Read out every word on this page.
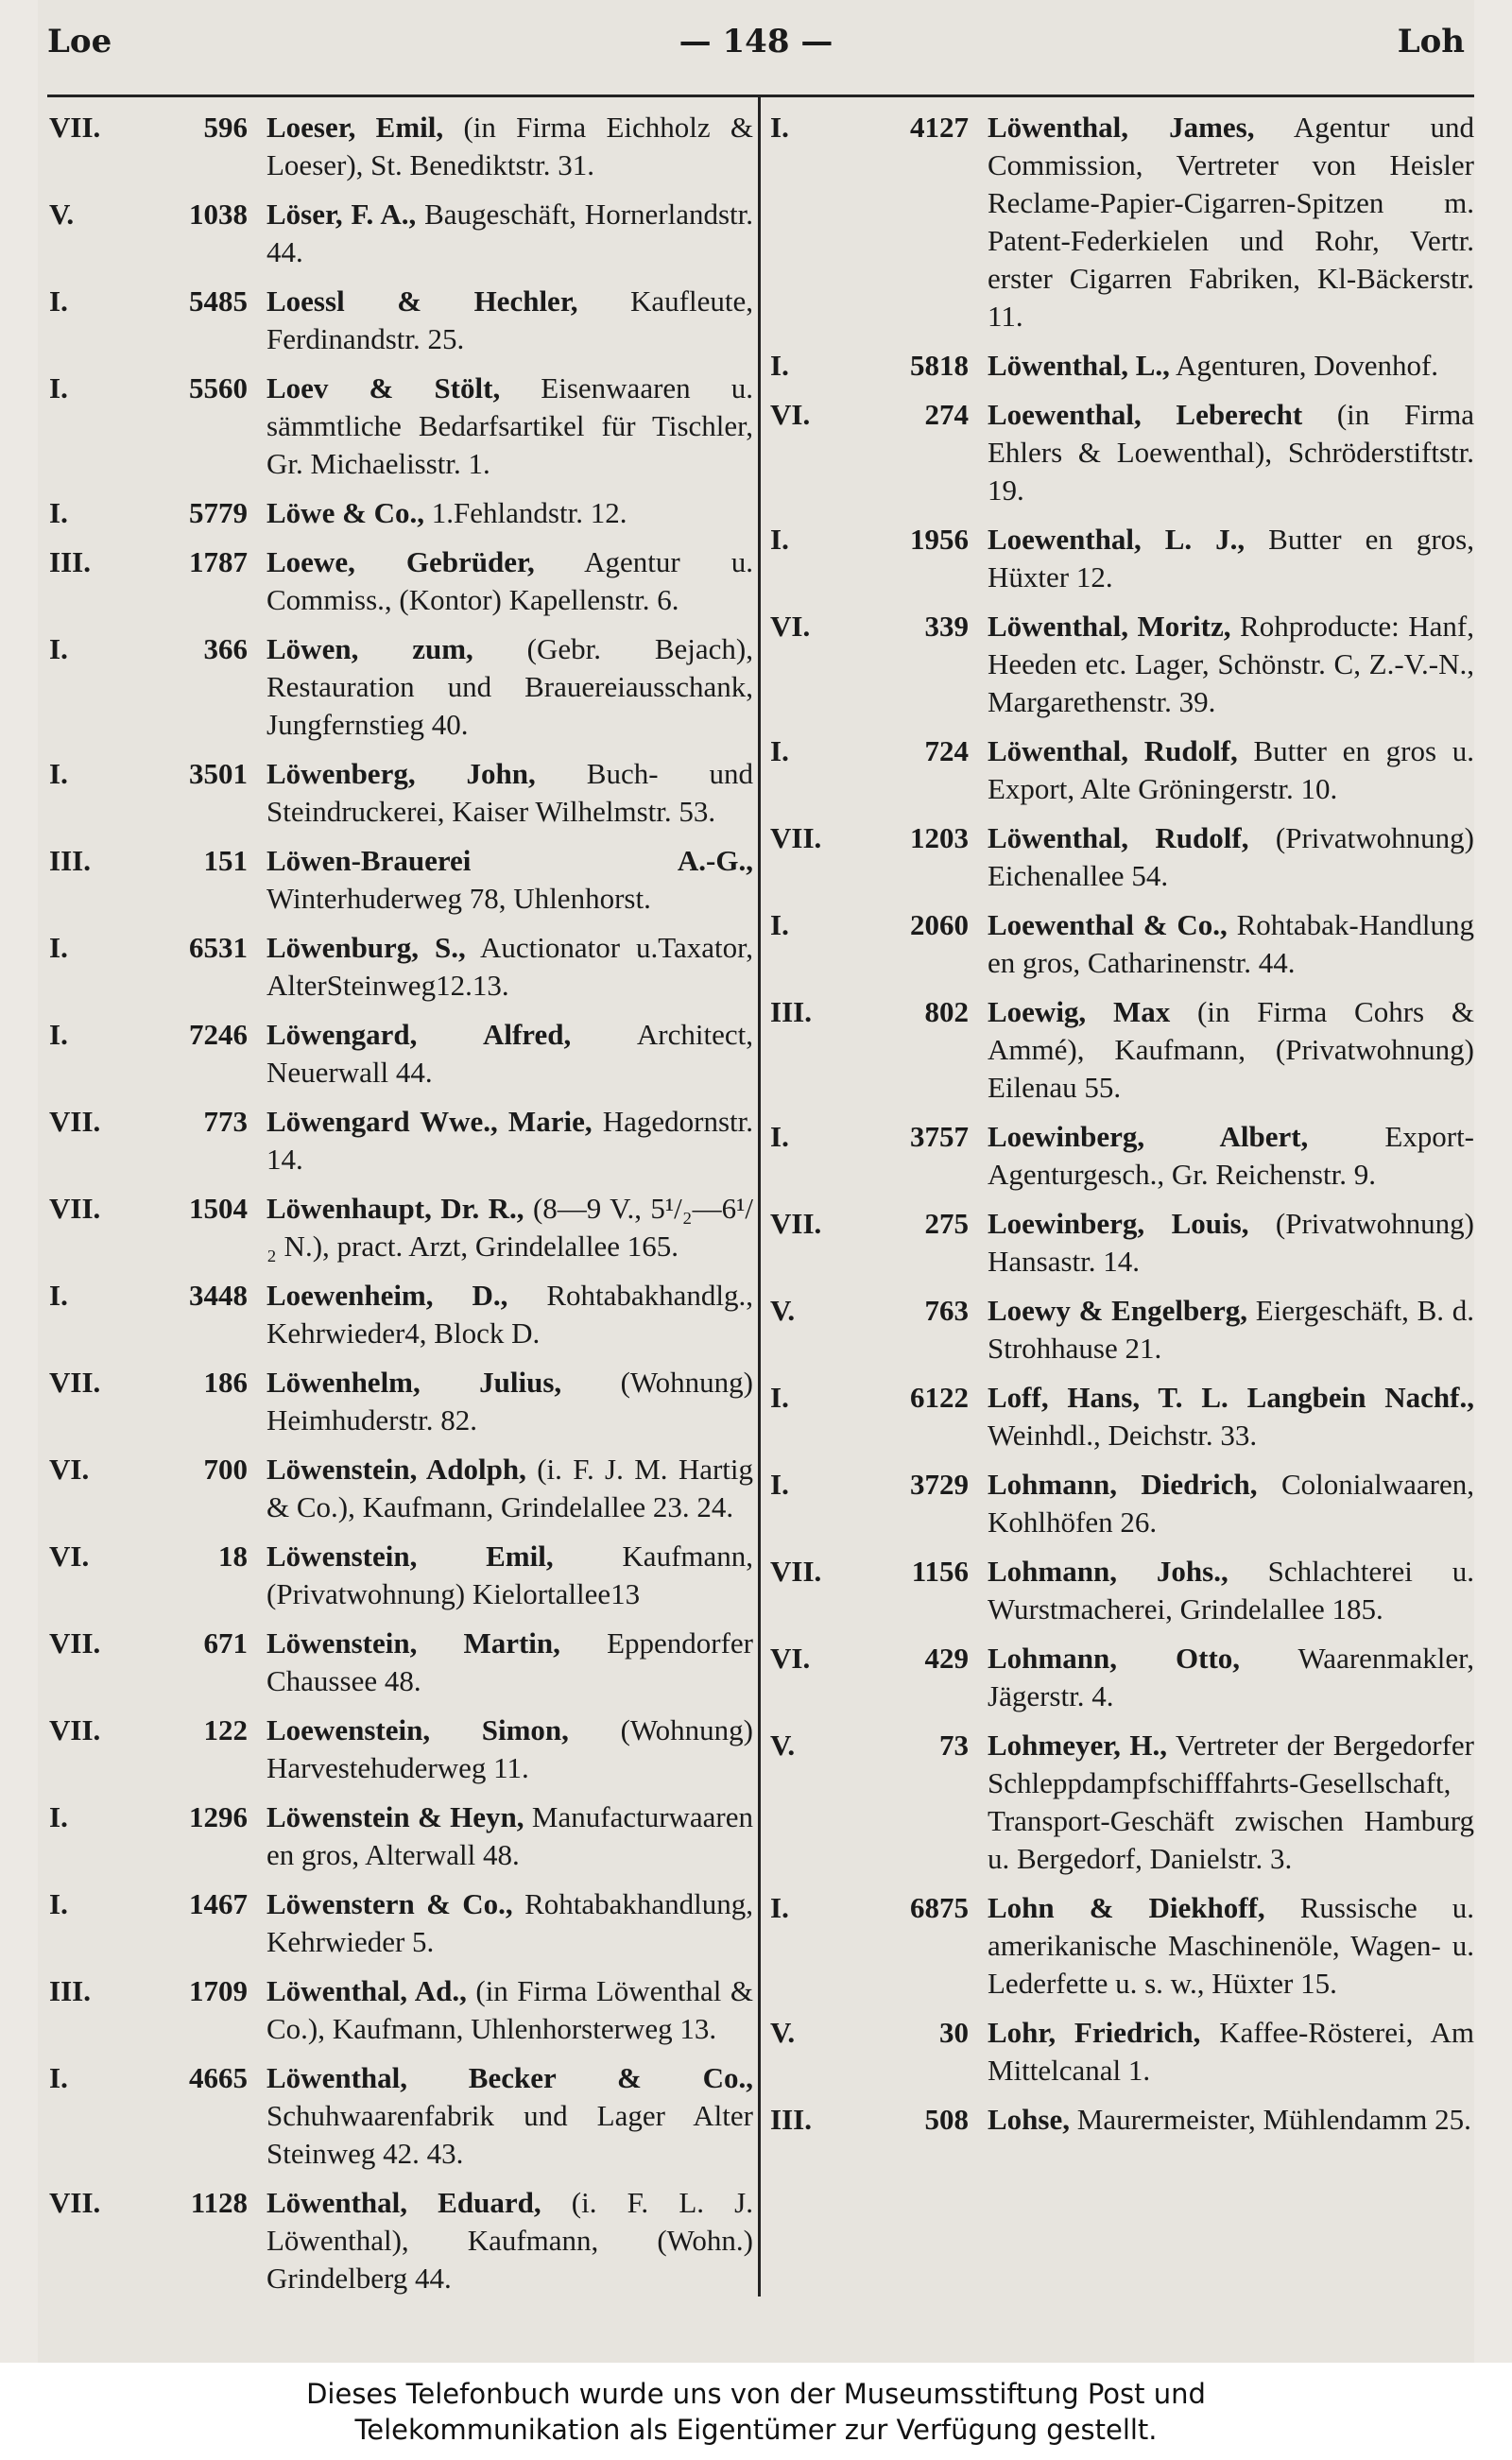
Loe	— 148 —	Loh
VII.	596 Loeser, Emil, (in Firma Eichholz & Loeser), St. Benediktstr. 31.
V.	1038 Löser, F. A., Baugeschäft, Hornerlandstr. 44.
I.	5485 Loessl & Hechler, Kaufleute, Ferdinandstr. 25.
I.	5560 Loev & Stölt, Eisenwaaren u. sämmtliche Bedarfsartikel für Tischler, Gr. Michaelisstr. 1.
I.	5779 Löwe & Co., 1.Fehlandstr. 12.
III.	1787 Loewe, Gebrüder, Agentur u. Commiss., (Kontor) Kapellenstr. 6.
I.	366 Löwen, zum, (Gebr. Bejach), Restauration und Brauereiausschank, Jungfernstieg 40.
I.	3501 Löwenberg, John, Buch- und Steindruckerei, Kaiser Wilhelmstr. 53.
III.	151 Löwen-Brauerei A.-G., Winterhuderweg 78, Uhlenhorst.
I.	6531 Löwenburg, S., Auctionator u.Taxator, AlterSteinweg12.13.
I.	7246 Löwengard, Alfred, Architect, Neuerwall 44.
VII.	773 Löwengard Wwe., Marie, Hagedornstr. 14.
VII.	1504 Löwenhaupt, Dr. R., (8—9 V., 5¹/₂—6¹/₂ N.), pract. Arzt, Grindelallee 165.
I.	3448 Loewenheim, D., Rohtabakhandlg., Kehrwieder4, Block D.
VII.	186 Löwenhelm, Julius, (Wohnung) Heimhuderstr. 82.
VI.	700 Löwenstein, Adolph, (i. F. J. M. Hartig & Co.), Kaufmann, Grindelallee 23. 24.
VI.	18 Löwenstein, Emil, Kaufmann, (Privatwohnung) Kielortallee13
VII.	671 Löwenstein, Martin, Eppendorfer Chaussee 48.
VII.	122 Loewenstein, Simon, (Wohnung) Harvestehuderweg 11.
I.	1296 Löwenstein & Heyn, Manufacturwaaren en gros, Alterwall 48.
I.	1467 Löwenstern & Co., Rohtabakhandlung, Kehrwieder 5.
III.	1709 Löwenthal, Ad., (in Firma Löwenthal & Co.), Kaufmann, Uhlenhorsterweg 13.
I.	4665 Löwenthal, Becker & Co., Schuhwaarenfabrik und Lager Alter Steinweg 42. 43.
VII.	1128 Löwenthal, Eduard, (i. F. L. J. Löwenthal), Kaufmann, (Wohn.) Grindelberg 44.
I.	4127 Löwenthal, James, Agentur und Commission, Vertreter von Heisler Reclame-Papier-Cigarren-Spitzen m. Patent-Federkielen und Rohr, Vertr. erster Cigarren Fabriken, Kl-Bäckerstr. 11.
I.	5818 Löwenthal, L., Agenturen, Dovenhof.
VI.	274 Loewenthal, Leberecht (in Firma Ehlers & Loewenthal), Schröderstiftstr. 19.
I.	1956 Loewenthal, L. J., Butter en gros, Hüxter 12.
VI.	339 Löwenthal, Moritz, Rohproducte: Hanf, Heeden etc. Lager, Schönstr. C, Z.-V.-N., Margarethenstr. 39.
I.	724 Löwenthal, Rudolf, Butter en gros u. Export, Alte Gröningerstr. 10.
VII.	1203 Löwenthal, Rudolf, (Privatwohnung) Eichenallee 54.
I.	2060 Loewenthal & Co., Rohtabak-Handlung en gros, Catharinenstr. 44.
III.	802 Loewig, Max (in Firma Cohrs & Ammé), Kaufmann, (Privatwohnung) Eilenau 55.
I.	3757 Loewinberg, Albert,	Export-Agenturgesch., Gr. Reichenstr. 9.
VII.	275 Loewinberg, Louis, (Privatwohnung) Hansastr. 14.
V.	763 Loewy & Engelberg, Eiergeschäft, B. d. Strohhause 21.
I.	6122 Loff, Hans, T. L. Langbein Nachf., Weinhdl., Deichstr. 33.
I.	3729 Lohmann, Diedrich, Colonialwaaren, Kohlhöfen 26.
VII.	1156 Lohmann, Johs., Schlachterei u. Wurstmacherei, Grindelallee 185.
VI.	429 Lohmann, Otto, Waarenmakler, Jägerstr. 4.
V.	73 Lohmeyer, H., Vertreter der Bergedorfer Schleppdampfschifffahrts-Gesellschaft, Transport-Geschäft zwischen Hamburg u. Bergedorf, Danielstr. 3.
I.	6875 Lohn & Diekhoff, Russische u. amerikanische Maschinenöle, Wagen- u. Lederfette u. s. w., Hüxter 15.
V.	30 Lohr, Friedrich, Kaffee-Rösterei, Am Mittelcanal 1.
III.	508 Lohse, Maurermeister, Mühlendamm 25.
Dieses Telefonbuch wurde uns von der Museumsstiftung Post und
Telekommunikation als Eigentümer zur Verfügung gestellt.
